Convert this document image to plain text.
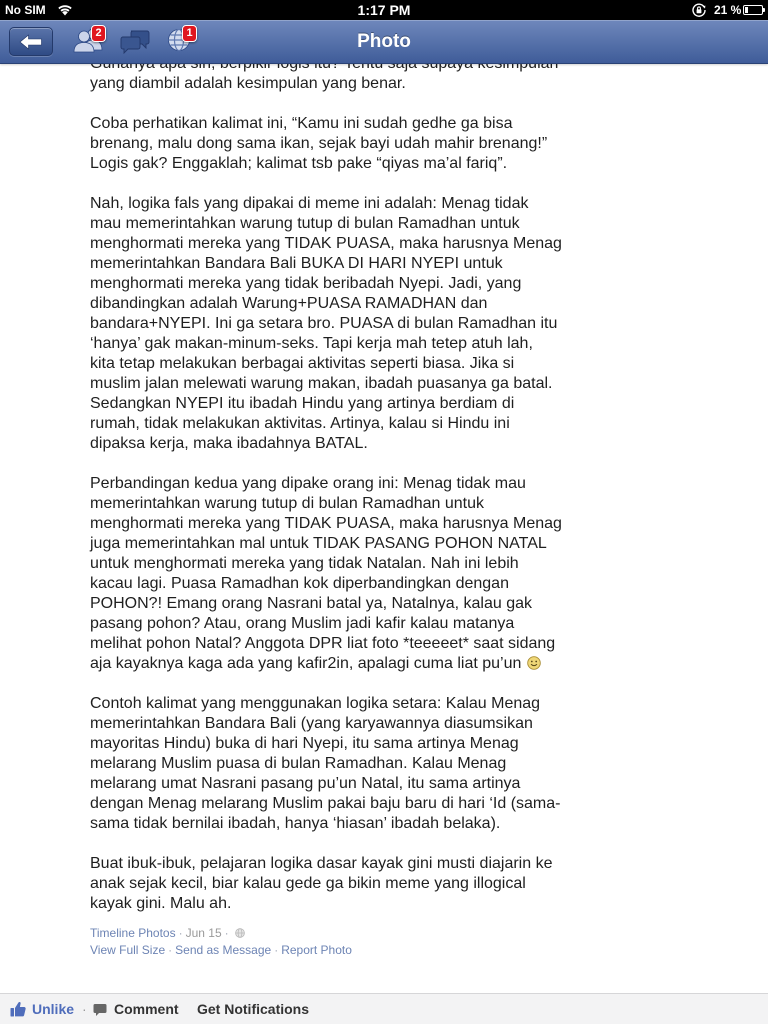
No SIM	1:17 PM	21 %
Photo
2	1
yang diambil adalah kesimpulan yang benar.
Coba perhatikan kalimat ini, “Kamu ini sudah gedhe ga bisa
brenang, malu dong sama ikan, sejak bayi udah mahir brenang!”
Logis gak? Enggaklah; kalimat tsb pake “qiyas ma’al fariq”.
Nah, logika fals yang dipakai di meme ini adalah: Menag tidak
mau memerintahkan warung tutup di bulan Ramadhan untuk
menghormati mereka yang TIDAK PUASA, maka harusnya Menag
memerintahkan Bandara Bali BUKA DI HARI NYEPI untuk
menghormati mereka yang tidak beribadah Nyepi. Jadi, yang
dibandingkan adalah Warung+PUASA RAMADHAN dan
bandara+NYEPI. Ini ga setara bro. PUASA di bulan Ramadhan itu
‘hanya’ gak makan-minum-seks. Tapi kerja mah tetep atuh lah,
kita tetap melakukan berbagai aktivitas seperti biasa. Jika si
muslim jalan melewati warung makan, ibadah puasanya ga batal.
Sedangkan NYEPI itu ibadah Hindu yang artinya berdiam di
rumah, tidak melakukan aktivitas. Artinya, kalau si Hindu ini
dipaksa kerja, maka ibadahnya BATAL.
Perbandingan kedua yang dipake orang ini: Menag tidak mau
memerintahkan warung tutup di bulan Ramadhan untuk
menghormati mereka yang TIDAK PUASA, maka harusnya Menag
juga memerintahkan mal untuk TIDAK PASANG POHON NATAL
untuk menghormati mereka yang tidak Natalan. Nah ini lebih
kacau lagi. Puasa Ramadhan kok diperbandingkan dengan
POHON?! Emang orang Nasrani batal ya, Natalnya, kalau gak
pasang pohon? Atau, orang Muslim jadi kafir kalau matanya
melihat pohon Natal? Anggota DPR liat foto *teeeeet* saat sidang
aja kayaknya kaga ada yang kafir2in, apalagi cuma liat pu’un
Contoh kalimat yang menggunakan logika setara: Kalau Menag
memerintahkan Bandara Bali (yang karyawannya diasumsikan
mayoritas Hindu) buka di hari Nyepi, itu sama artinya Menag
melarang Muslim puasa di bulan Ramadhan. Kalau Menag
melarang umat Nasrani pasang pu’un Natal, itu sama artinya
dengan Menag melarang Muslim pakai baju baru di hari ‘Id (sama-
sama tidak bernilai ibadah, hanya ‘hiasan’ ibadah belaka).
Buat ibuk-ibuk, pelajaran logika dasar kayak gini musti diajarin ke
anak sejak kecil, biar kalau gede ga bikin meme yang illogical
kayak gini. Malu ah.
Timeline Photos · Jun 15 ·
View Full Size · Send as Message · Report Photo
Unlike · Comment Get Notifications
